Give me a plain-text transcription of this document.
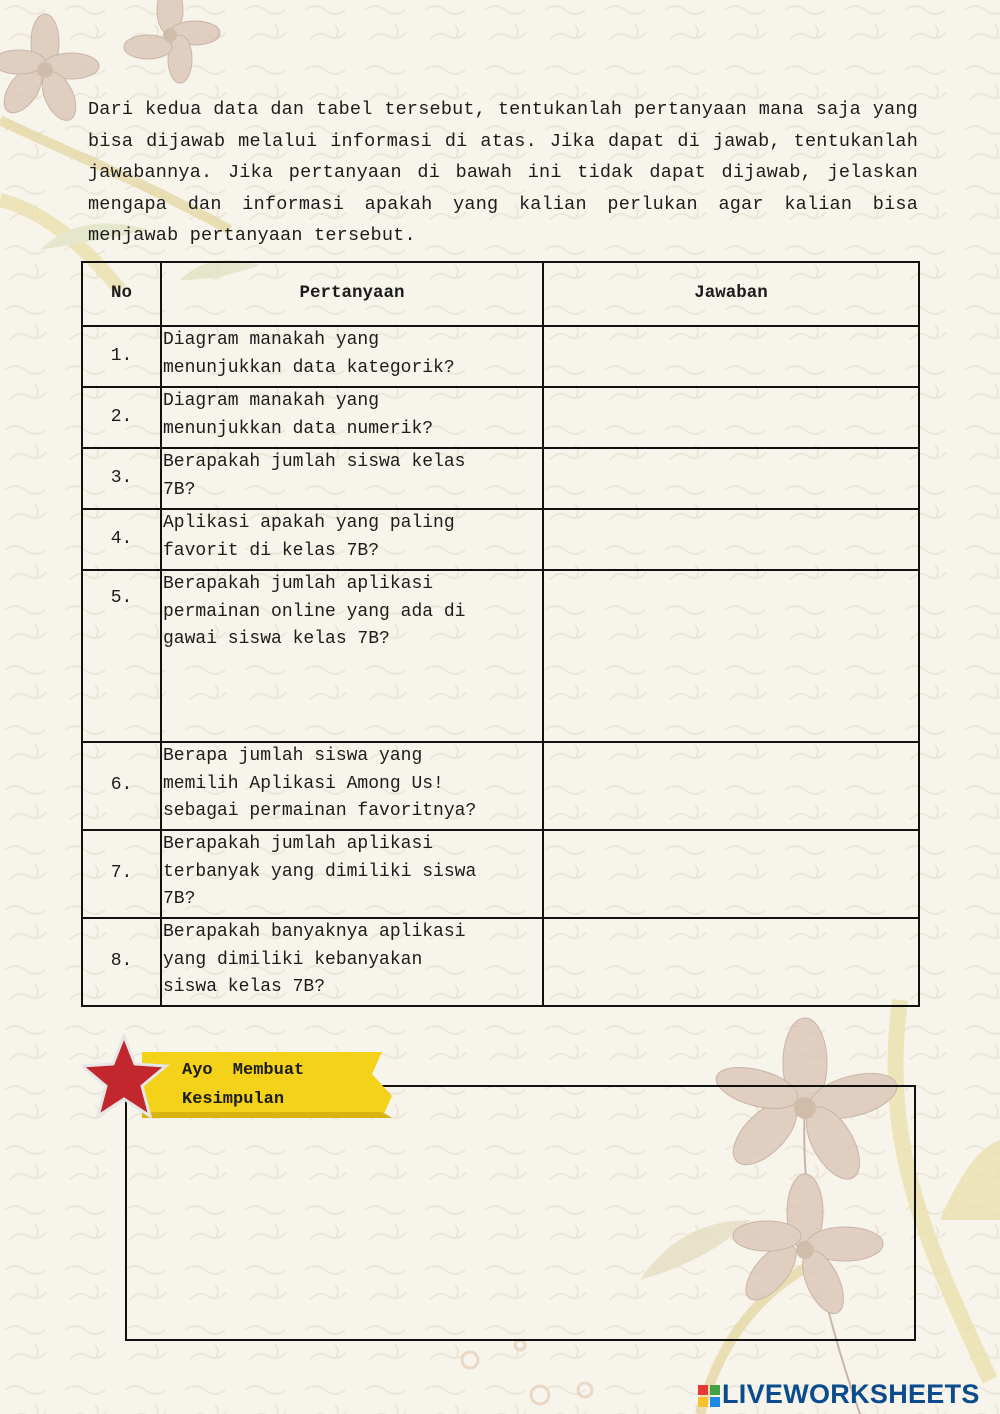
Dari kedua data dan tabel tersebut, tentukanlah pertanyaan mana saja yang bisa dijawab melalui informasi di atas. Jika dapat di jawab, tentukanlah jawabannya. Jika pertanyaan di bawah ini tidak dapat dijawab, jelaskan mengapa dan informasi apakah yang kalian perlukan agar kalian bisa menjawab pertanyaan tersebut.
No	Pertanyaan	Jawaban

1.	Diagram manakah yang
menunjukkan data kategorik?	

2.	Diagram manakah yang
menunjukkan data numerik?	

3.	Berapakah jumlah siswa kelas
7B?	

4.	Aplikasi apakah yang paling
favorit di kelas 7B?	

5.	Berapakah jumlah aplikasi
permainan online yang ada di
gawai siswa kelas 7B?	

6.	Berapa jumlah siswa yang
memilih Aplikasi Among Us!
sebagai permainan favoritnya?	

7.	Berapakah jumlah aplikasi
terbanyak yang dimiliki siswa
7B?	

8.	Berapakah banyaknya aplikasi
yang dimiliki kebanyakan
siswa kelas 7B?	
Ayo Membuat
Kesimpulan
LIVEWORKSHEETS
